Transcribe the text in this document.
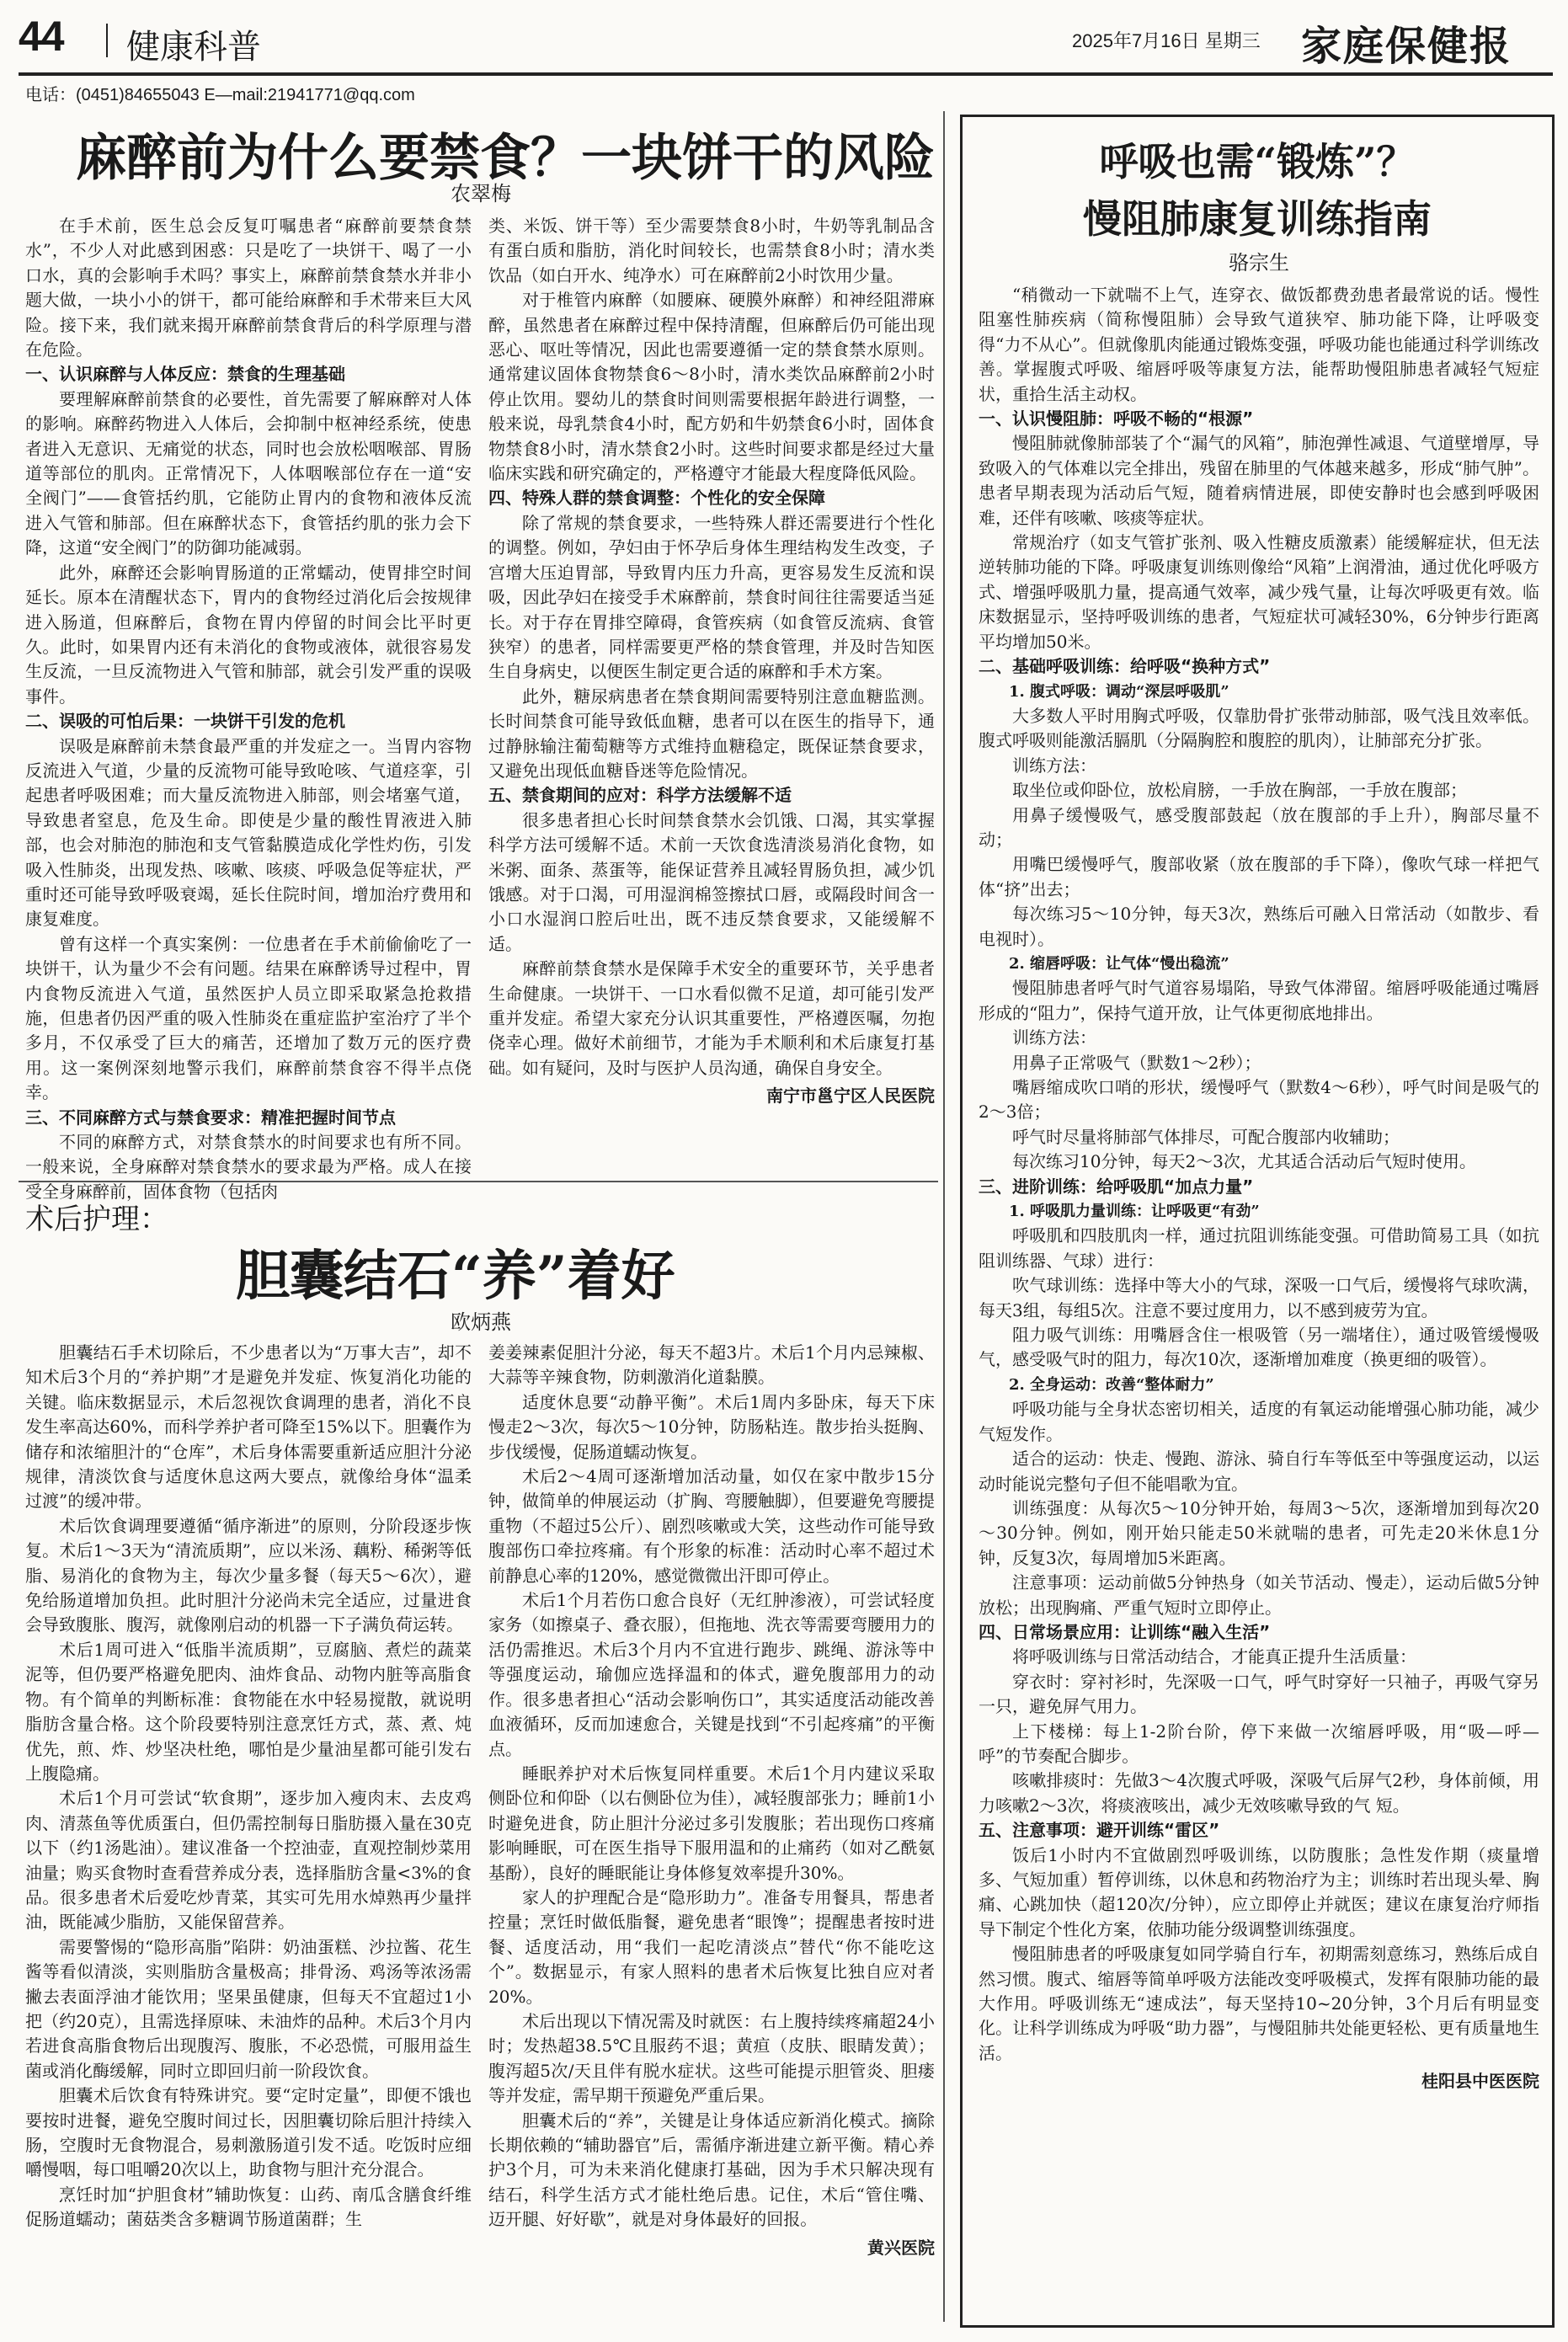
44 健康科普	2025年7月16日 星期三 家庭保健报
电话：(0451)84655043 E—mail:21941771@qq.com
麻醉前为什么要禁食？一块饼干的风险
农翠梅

在手术前，医生总会反复叮嘱患者“麻醉前要禁食禁水”，不少人对此感到困惑：只是吃了一块饼干、喝了一小口水，真的会影响手术吗？事实上，麻醉前禁食禁水并非小题大做，一块小小的饼干，都可能给麻醉和手术带来巨大风险。接下来，我们就来揭开麻醉前禁食背后的科学原理与潜在危险。

一、认识麻醉与人体反应：禁食的生理基础

要理解麻醉前禁食的必要性，首先需要了解麻醉对人体的影响。麻醉药物进入人体后，会抑制中枢神经系统，使患者进入无意识、无痛觉的状态，同时也会放松咽喉部、胃肠道等部位的肌肉。正常情况下，人体咽喉部位存在一道“安全阀门”——食管括约肌，它能防止胃内的食物和液体反流进入气管和肺部。但在麻醉状态下，食管括约肌的张力会下降，这道“安全阀门”的防御功能减弱。

此外，麻醉还会影响胃肠道的正常蠕动，使胃排空时间延长。原本在清醒状态下，胃内的食物经过消化后会按规律进入肠道，但麻醉后，食物在胃内停留的时间会比平时更久。此时，如果胃内还有未消化的食物或液体，就很容易发生反流，一旦反流物进入气管和肺部，就会引发严重的误吸事件。

二、误吸的可怕后果：一块饼干引发的危机

误吸是麻醉前未禁食最严重的并发症之一。当胃内容物反流进入气道，少量的反流物可能导致呛咳、气道痉挛，引起患者呼吸困难；而大量反流物进入肺部，则会堵塞气道，导致患者窒息，危及生命。即使是少量的酸性胃液进入肺部，也会对肺泡的肺泡和支气管黏膜造成化学性灼伤，引发吸入性肺炎，出现发热、咳嗽、咳痰、呼吸急促等症状，严重时还可能导致呼吸衰竭，延长住院时间，增加治疗费用和康复难度。

曾有这样一个真实案例：一位患者在手术前偷偷吃了一块饼干，认为量少不会有问题。结果在麻醉诱导过程中，胃内食物反流进入气道，虽然医护人员立即采取紧急抢救措施，但患者仍因严重的吸入性肺炎在重症监护室治疗了半个多月，不仅承受了巨大的痛苦，还增加了数万元的医疗费用。这一案例深刻地警示我们，麻醉前禁食容不得半点侥幸。

三、不同麻醉方式与禁食要求：精准把握时间节点

不同的麻醉方式，对禁食禁水的时间要求也有所不同。一般来说，全身麻醉对禁食禁水的要求最为严格。成人在接受全身麻醉前，固体食物（包括肉

类、米饭、饼干等）至少需要禁食8小时，牛奶等乳制品含有蛋白质和脂肪，消化时间较长，也需禁食8小时；清水类饮品（如白开水、纯净水）可在麻醉前2小时饮用少量。

对于椎管内麻醉（如腰麻、硬膜外麻醉）和神经阻滞麻醉，虽然患者在麻醉过程中保持清醒，但麻醉后仍可能出现恶心、呕吐等情况，因此也需要遵循一定的禁食禁水原则。通常建议固体食物禁食6～8小时，清水类饮品麻醉前2小时停止饮用。婴幼儿的禁食时间则需要根据年龄进行调整，一般来说，母乳禁食4小时，配方奶和牛奶禁食6小时，固体食物禁食8小时，清水禁食2小时。这些时间要求都是经过大量临床实践和研究确定的，严格遵守才能最大程度降低风险。

四、特殊人群的禁食调整：个性化的安全保障

除了常规的禁食要求，一些特殊人群还需要进行个性化的调整。例如，孕妇由于怀孕后身体生理结构发生改变，子宫增大压迫胃部，导致胃内压力升高，更容易发生反流和误吸，因此孕妇在接受手术麻醉前，禁食时间往往需要适当延长。对于存在胃排空障碍，食管疾病（如食管反流病、食管狭窄）的患者，同样需要更严格的禁食管理，并及时告知医生自身病史，以便医生制定更合适的麻醉和手术方案。

此外，糖尿病患者在禁食期间需要特别注意血糖监测。长时间禁食可能导致低血糖，患者可以在医生的指导下，通过静脉输注葡萄糖等方式维持血糖稳定，既保证禁食要求，又避免出现低血糖昏迷等危险情况。

五、禁食期间的应对：科学方法缓解不适

很多患者担心长时间禁食禁水会饥饿、口渴，其实掌握科学方法可缓解不适。术前一天饮食选清淡易消化食物，如米粥、面条、蒸蛋等，能保证营养且减轻胃肠负担，减少饥饿感。对于口渴，可用湿润棉签擦拭口唇，或隔段时间含一小口水湿润口腔后吐出，既不违反禁食要求，又能缓解不适。

麻醉前禁食禁水是保障手术安全的重要环节，关乎患者生命健康。一块饼干、一口水看似微不足道，却可能引发严重并发症。希望大家充分认识其重要性，严格遵医嘱，勿抱侥幸心理。做好术前细节，才能为手术顺利和术后康复打基础。如有疑问，及时与医护人员沟通，确保自身安全。

南宁市邕宁区人民医院

术后护理：
胆囊结石“养”着好
欧炳燕

胆囊结石手术切除后，不少患者以为“万事大吉”，却不知术后3个月的“养护期”才是避免并发症、恢复消化功能的关键。临床数据显示，术后忽视饮食调理的患者，消化不良发生率高达60%，而科学养护者可降至15%以下。胆囊作为储存和浓缩胆汁的“仓库”，术后身体需要重新适应胆汁分泌规律，清淡饮食与适度休息这两大要点，就像给身体“温柔过渡”的缓冲带。

术后饮食调理要遵循“循序渐进”的原则，分阶段逐步恢复。术后1～3天为“清流质期”，应以米汤、藕粉、稀粥等低脂、易消化的食物为主，每次少量多餐（每天5～6次），避免给肠道增加负担。此时胆汁分泌尚未完全适应，过量进食会导致腹胀、腹泻，就像刚启动的机器一下子满负荷运转。

术后1周可进入“低脂半流质期”，豆腐脑、煮烂的蔬菜泥等，但仍要严格避免肥肉、油炸食品、动物内脏等高脂食物。有个简单的判断标准：食物能在水中轻易搅散，就说明脂肪含量合格。这个阶段要特别注意烹饪方式，蒸、煮、炖优先，煎、炸、炒坚决杜绝，哪怕是少量油星都可能引发右上腹隐痛。

术后1个月可尝试“软食期”，逐步加入瘦肉末、去皮鸡肉、清蒸鱼等优质蛋白，但仍需控制每日脂肪摄入量在30克以下（约1汤匙油）。建议准备一个控油壶，直观控制炒菜用油量；购买食物时查看营养成分表，选择脂肪含量<3%的食品。很多患者术后爱吃炒青菜，其实可先用水焯熟再少量拌油，既能减少脂肪，又能保留营养。

需要警惕的“隐形高脂”陷阱：奶油蛋糕、沙拉酱、花生酱等看似清淡，实则脂肪含量极高；排骨汤、鸡汤等浓汤需撇去表面浮油才能饮用；坚果虽健康，但每天不宜超过1小把（约20克），且需选择原味、未油炸的品种。术后3个月内若进食高脂食物后出现腹泻、腹胀，不必恐慌，可服用益生菌或消化酶缓解，同时立即回归前一阶段饮食。

胆囊术后饮食有特殊讲究。要“定时定量”，即便不饿也要按时进餐，避免空腹时间过长，因胆囊切除后胆汁持续入肠，空腹时无食物混合，易刺激肠道引发不适。吃饭时应细嚼慢咽，每口咀嚼20次以上，助食物与胆汁充分混合。

烹饪时加“护胆食材”辅助恢复：山药、南瓜含膳食纤维促肠道蠕动；菌菇类含多糖调节肠道菌群；生

姜姜辣素促胆汁分泌，每天不超3片。术后1个月内忌辣椒、大蒜等辛辣食物，防刺激消化道黏膜。

适度休息要“动静平衡”。术后1周内多卧床，每天下床慢走2～3次，每次5～10分钟，防肠粘连。散步抬头挺胸、步伐缓慢，促肠道蠕动恢复。

术后2～4周可逐渐增加活动量，如仅在家中散步15分钟，做简单的伸展运动（扩胸、弯腰触脚），但要避免弯腰提重物（不超过5公斤）、剧烈咳嗽或大笑，这些动作可能导致腹部伤口牵拉疼痛。有个形象的标准：活动时心率不超过术前静息心率的120%，感觉微微出汗即可停止。

术后1个月若伤口愈合良好（无红肿渗液），可尝试轻度家务（如擦桌子、叠衣服），但拖地、洗衣等需要弯腰用力的活仍需推迟。术后3个月内不宜进行跑步、跳绳、游泳等中等强度运动，瑜伽应选择温和的体式，避免腹部用力的动作。很多患者担心“活动会影响伤口”，其实适度活动能改善血液循环，反而加速愈合，关键是找到“不引起疼痛”的平衡点。

睡眠养护对术后恢复同样重要。术后1个月内建议采取侧卧位和仰卧（以右侧卧位为佳），减轻腹部张力；睡前1小时避免进食，防止胆汁分泌过多引发腹胀；若出现伤口疼痛影响睡眠，可在医生指导下服用温和的止痛药（如对乙酰氨基酚），良好的睡眠能让身体修复效率提升30%。

家人的护理配合是“隐形助力”。准备专用餐具，帮患者控量；烹饪时做低脂餐，避免患者“眼馋”；提醒患者按时进餐、适度活动，用“我们一起吃清淡点”替代“你不能吃这个”。数据显示，有家人照料的患者术后恢复比独自应对者 20%。

术后出现以下情况需及时就医：右上腹持续疼痛超24小时；发热超38.5℃且服药不退；黄疸（皮肤、眼睛发黄）；腹泻超5次/天且伴有脱水症状。这些可能提示胆管炎、胆瘘等并发症，需早期干预避免严重后果。

胆囊术后的“养”，关键是让身体适应新消化模式。摘除长期依赖的“辅助器官”后，需循序渐进建立新平衡。精心养护3个月，可为未来消化健康打基础，因为手术只解决现有结石，科学生活方式才能杜绝后患。记住，术后“管住嘴、迈开腿、好好歇”，就是对身体最好的回报。

黄兴医院

呼吸也需“锻炼”？
慢阻肺康复训练指南
骆宗生

“稍微动一下就喘不上气，连穿衣、做饭都费劲患者最常说的话。慢性阻塞性肺疾病（简称慢阻肺）会导致气道狭窄、肺功能下降，让呼吸变得“力不从心”。但就像肌肉能通过锻炼变强，呼吸功能也能通过科学训练改善。掌握腹式呼吸、缩唇呼吸等康复方法，能帮助慢阻肺患者减轻气短症状，重拾生活主动权。

一、认识慢阻肺：呼吸不畅的“根源”

慢阻肺就像肺部装了个“漏气的风箱”，肺泡弹性减退、气道壁增厚，导致吸入的气体难以完全排出，残留在肺里的气体越来越多，形成“肺气肿”。患者早期表现为活动后气短，随着病情进展，即使安静时也会感到呼吸困难，还伴有咳嗽、咳痰等症状。

常规治疗（如支气管扩张剂、吸入性糖皮质激素）能缓解症状，但无法逆转肺功能的下降。呼吸康复训练则像给“风箱”上润滑油，通过优化呼吸方式、增强呼吸肌力量，提高通气效率，减少残气量，让每次呼吸更有效。临床数据显示，坚持呼吸训练的患者，气短症状可减轻30%，6分钟步行距离平均增加50米。

二、基础呼吸训练：给呼吸“换种方式”
1. 腹式呼吸：调动“深层呼吸肌”

大多数人平时用胸式呼吸，仅靠肋骨扩张带动肺部，吸气浅且效率低。腹式呼吸则能激活膈肌（分隔胸腔和腹腔的肌肉），让肺部充分扩张。

训练方法：

取坐位或仰卧位，放松肩膀，一手放在胸部，一手放在腹部；

用鼻子缓慢吸气，感受腹部鼓起（放在腹部的手上升），胸部尽量不动；

用嘴巴缓慢呼气，腹部收紧（放在腹部的手下降），像吹气球一样把气体“挤”出去；

每次练习5～10分钟，每天3次，熟练后可融入日常活动（如散步、看电视时）。

2. 缩唇呼吸：让气体“慢出稳流”

慢阻肺患者呼气时气道容易塌陷，导致气体滞留。缩唇呼吸能通过嘴唇形成的“阻力”，保持气道开放，让气体更彻底地排出。

训练方法：

用鼻子正常吸气（默数1～2秒）；

嘴唇缩成吹口哨的形状，缓慢呼气（默数4～6秒），呼气时间是吸气的2～3倍；

呼气时尽量将肺部气体排尽，可配合腹部内收辅助；

每次练习10分钟，每天2～3次，尤其适合活动后气短时使用。

三、进阶训练：给呼吸肌“加点力量”
1. 呼吸肌力量训练：让呼吸更“有劲”

呼吸肌和四肢肌肉一样，通过抗阻训练能变强。可借助简易工具（如抗阻训练器、气球）进行：

吹气球训练：选择中等大小的气球，深吸一口气后，缓慢将气球吹满，每天3组，每组5次。注意不要过度用力，以不感到疲劳为宜。

阻力吸气训练：用嘴唇含住一根吸管（另一端堵住），通过吸管缓慢吸气，感受吸气时的阻力，每次10次，逐渐增加难度（换更细的吸管）。

2. 全身运动：改善“整体耐力”

呼吸功能与全身状态密切相关，适度的有氧运动能增强心肺功能，减少气短发作。

适合的运动：快走、慢跑、游泳、骑自行车等低至中等强度运动，以运动时能说完整句子但不能唱歌为宜。

训练强度：从每次5～10分钟开始，每周3～5次，逐渐增加到每次20～30分钟。例如，刚开始只能走50米就喘的患者，可先走20米休息1分钟，反复3次，每周增加5米距离。

注意事项：运动前做5分钟热身（如关节活动、慢走），运动后做5分钟放松；出现胸痛、严重气短时立即停止。

四、日常场景应用：让训练“融入生活”

将呼吸训练与日常活动结合，才能真正提升生活质量：

穿衣时：穿衬衫时，先深吸一口气，呼气时穿好一只袖子，再吸气穿另一只，避免屏气用力。

上下楼梯：每上1-2阶台阶，停下来做一次缩唇呼吸，用“吸—呼—呼”的节奏配合脚步。

咳嗽排痰时：先做3～4次腹式呼吸，深吸气后屏气2秒，身体前倾，用力咳嗽2～3次，将痰液咳出，减少无效咳嗽导致的气 短。

五、注意事项：避开训练“雷区”

饭后1小时内不宜做剧烈呼吸训练，以防腹胀；急性发作期（痰量增多、气短加重）暂停训练，以休息和药物治疗为主；训练时若出现头晕、胸痛、心跳加快（超120次/分钟），应立即停止并就医；建议在康复治疗师指导下制定个性化方案，依肺功能分级调整训练强度。

慢阻肺患者的呼吸康复如同学骑自行车，初期需刻意练习，熟练后成自然习惯。腹式、缩唇等简单呼吸方法能改变呼吸模式，发挥有限肺功能的最大作用。呼吸训练无“速成法”，每天坚持10~20分钟，3个月后有明显变化。让科学训练成为呼吸“助力器”，与慢阻肺共处能更轻松、更有质量地生活。

桂阳县中医医院
